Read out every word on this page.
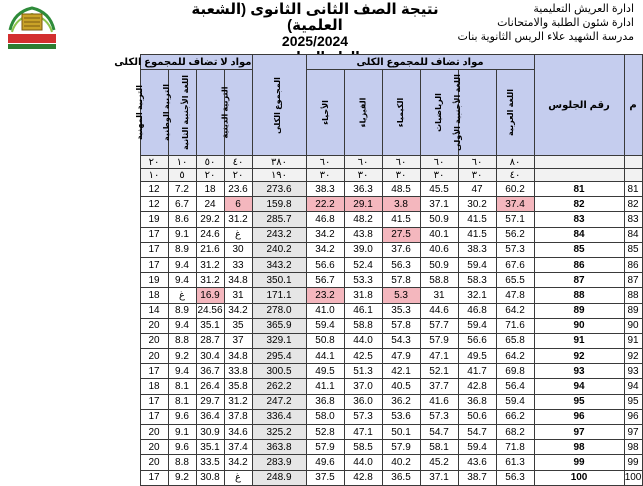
نتيجة الصف الثانى الثانوى (الشعبة العلمية)
2025/2024
ادارة العريش التعليمية
ادارة شئون الطلبة والامتحانات
مدرسة الشهيد علاء الريس الثانوية بنات
م	رقم الجلوس	مواد تضاف للمجموع الكلى						المجموع الكلى	مواد لا تضاف للمجموع الكلى				
		اللغة العربية	اللغة الأجنبية الأولى	الرياضيات	الكيمياء	الفيزياء	الأحياء		التربية الدينية	اللغة الأجنبية الثانية	التربية الوطنية	التربية المهنية	
		٨٠	٦٠	٦٠	٦٠	٦٠	٦٠	٣٨٠	٤٠	٥٠	١٠	٢٠	
		٤٠	٣٠	٣٠	٣٠	٣٠	٣٠	١٩٠	٢٠	٢٠	٥	١٠	
81	81	60.2	47	45.5	48.5	36.3	38.3	273.6	23.6	18	7.2	12	
82	82	37.4	30.2	37.1	3.8	29.1	22.2	159.8	6	24	6.7	12	
83	83	57.1	41.5	50.9	41.5	48.2	46.8	285.7	31.2	29.2	8.6	19	
84	84	56.2	41.5	40.1	27.5	43.8	34.2	243.2	غ	24.6	9.1	17	
85	85	57.3	38.3	40.6	37.6	39.0	34.2	240.2	30	21.6	8.9	17	
86	86	67.6	59.4	50.9	56.3	52.4	56.6	343.2	33	31.2	9.4	17	
87	87	65.5	58.3	58.8	57.8	53.3	56.7	350.1	34.8	31.2	9.4	19	
88	88	47.8	32.1	31	5.3	31.8	23.2	171.1	31	16.9	غ	18	
89	89	64.2	46.8	44.6	35.3	46.1	41.0	278.0	34.2	24.56	8.9	14	
90	90	71.6	59.4	57.7	57.8	58.8	59.4	365.9	35	35.1	9.4	20	
91	91	65.8	56.6	57.9	54.3	44.0	50.8	329.1	37	28.7	8.8	20	
92	92	64.2	49.5	47.1	47.9	42.5	44.1	295.4	34.8	30.4	9.2	20	
93	93	69.8	41.7	52.1	42.1	51.3	49.5	300.5	33.8	36.7	9.4	17	
94	94	56.4	42.8	37.7	40.5	37.0	41.1	262.2	35.8	26.4	8.1	18	
95	95	59.4	36.8	41.6	36.2	36.0	36.8	247.2	31.2	29.7	8.1	17	
96	96	66.2	50.6	57.3	53.6	57.3	58.0	336.4	37.8	36.4	9.6	17	
97	97	68.2	54.7	54.7	50.1	47.1	52.8	325.2	34.6	30.9	9.1	20	
98	98	71.8	59.4	58.1	57.9	58.5	57.9	363.8	37.4	35.1	9.6	20	
99	99	61.3	43.6	45.2	40.2	44.0	49.6	283.9	34.2	33.5	8.8	20	
100	100	56.3	38.7	37.1	36.5	42.8	37.5	248.9	غ	30.8	9.2	17	
